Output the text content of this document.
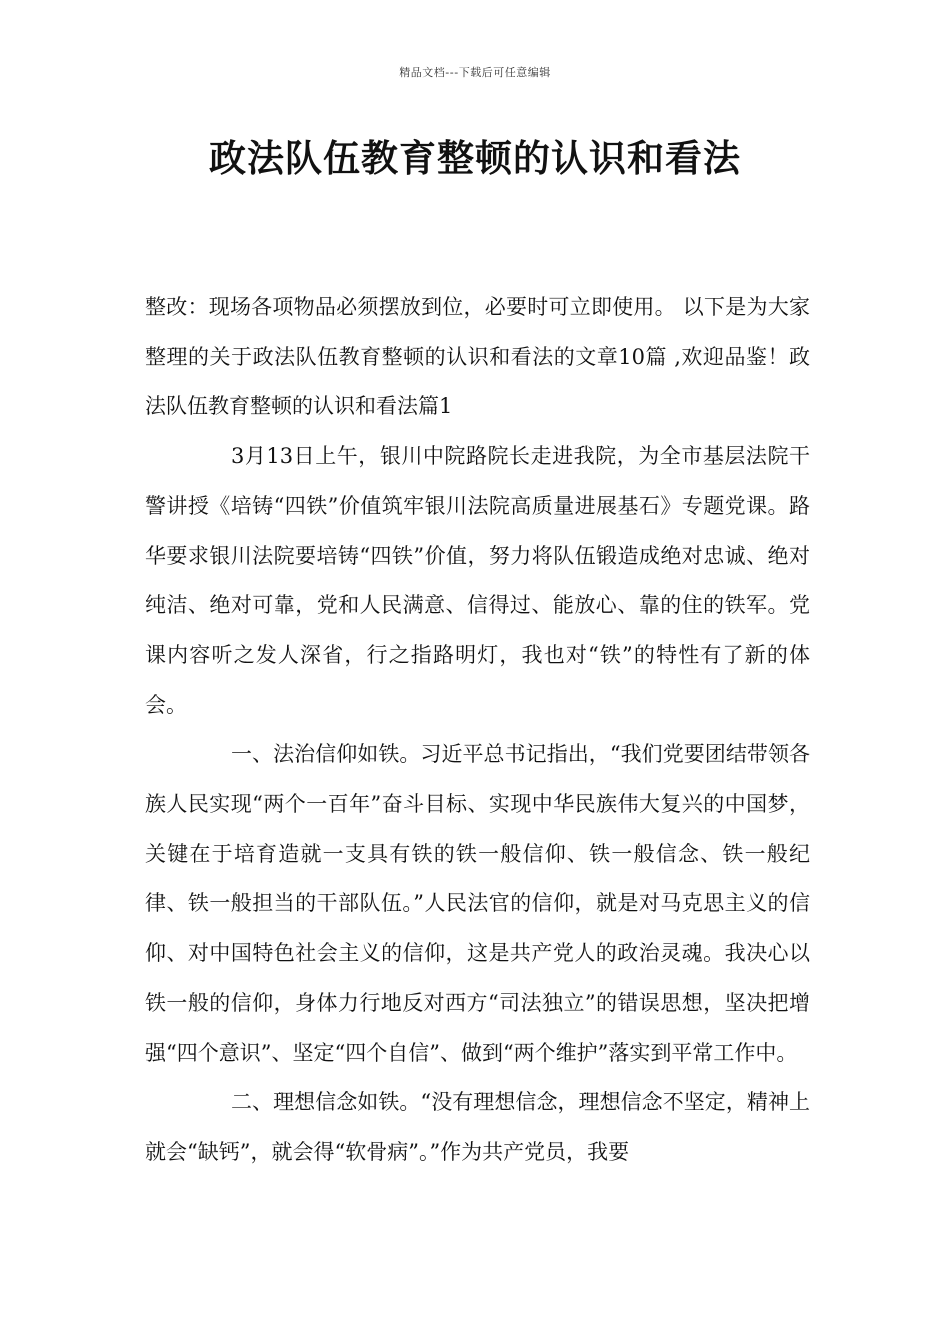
精品文档---下载后可任意编辑
政法队伍教育整顿的认识和看法

整改：现场各项物品必须摆放到位，必要时可立即使用。 以下是为大家整理的关于政法队伍教育整顿的认识和看法的文章10篇 ,欢迎品鉴！政法队伍教育整顿的认识和看法篇1

3月13日上午，银川中院路院长走进我院，为全市基层法院干警讲授《培铸“四铁”价值筑牢银川法院高质量进展基石》专题党课。路华要求银川法院要培铸“四铁”价值，努力将队伍锻造成绝对忠诚、绝对纯洁、绝对可靠，党和人民满意、信得过、能放心、靠的住的铁军。党课内容听之发人深省，行之指路明灯，我也对“铁”的特性有了新的体会。

一、法治信仰如铁。习近平总书记指出，“我们党要团结带领各族人民实现“两个一百年”奋斗目标、实现中华民族伟大复兴的中国梦，关键在于培育造就一支具有铁的铁一般信仰、铁一般信念、铁一般纪律、铁一般担当的干部队伍。”人民法官的信仰，就是对马克思主义的信仰、对中国特色社会主义的信仰，这是共产党人的政治灵魂。我决心以铁一般的信仰，身体力行地反对西方“司法独立”的错误思想，坚决把增强“四个意识”、坚定“四个自信”、做到“两个维护”落实到平常工作中。

二、理想信念如铁。“没有理想信念，理想信念不坚定，精神上就会“缺钙”，就会得“软骨病”。”作为共产党员，我要
